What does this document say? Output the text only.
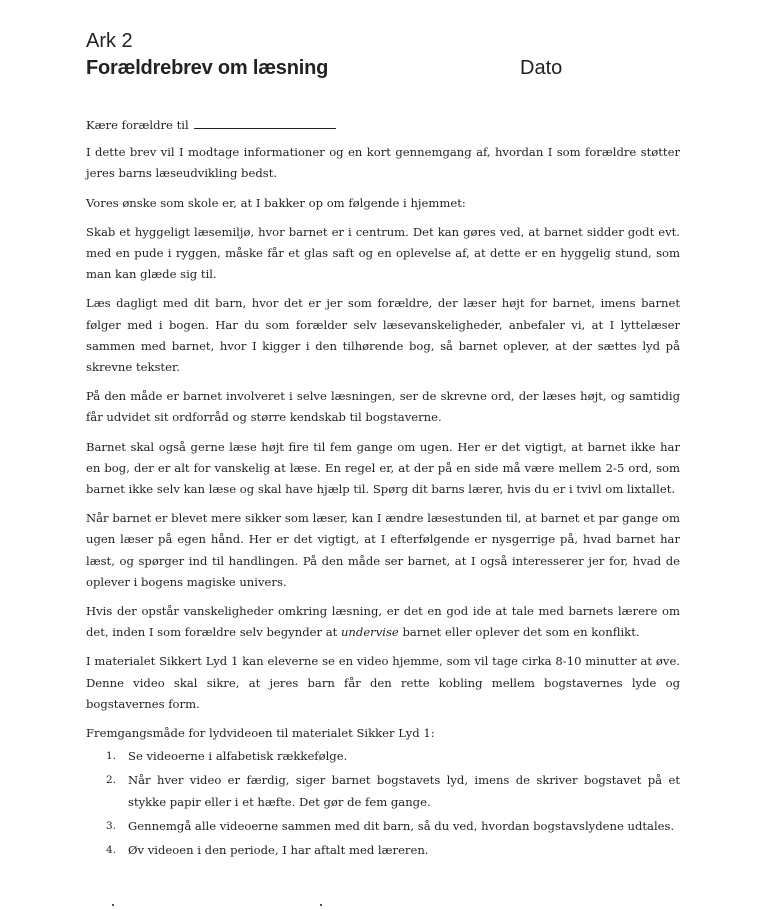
Ark 2
Forældrebrev om læsning	Dato

Kære forældre til

I dette brev vil I modtage informationer og en kort gennemgang af, hvordan I som forældre støtter jeres barns læseudvikling bedst.

Vores ønske som skole er, at I bakker op om følgende i hjemmet:

Skab et hyggeligt læsemiljø, hvor barnet er i centrum. Det kan gøres ved, at barnet sidder godt evt. med en pude i ryggen, måske får et glas saft og en oplevelse af, at dette er en hyggelig stund, som man kan glæde sig til.

Læs dagligt med dit barn, hvor det er jer som forældre, der læser højt for barnet, imens barnet følger med i bogen. Har du som forælder selv læsevanskeligheder, anbefaler vi, at I lyttelæser sammen med barnet, hvor I kigger i den tilhørende bog, så barnet oplever, at der sættes lyd på skrevne tekster.

På den måde er barnet involveret i selve læsningen, ser de skrevne ord, der læses højt, og samtidig får udvidet sit ordforråd og større kendskab til bogstaverne.

Barnet skal også gerne læse højt fire til fem gange om ugen. Her er det vigtigt, at barnet ikke har en bog, der er alt for vanskelig at læse. En regel er, at der på en side må være mellem 2-5 ord, som barnet ikke selv kan læse og skal have hjælp til. Spørg dit barns lærer, hvis du er i tvivl om lixtallet.

Når barnet er blevet mere sikker som læser, kan I ændre læsestunden til, at barnet et par gange om ugen læser på egen hånd. Her er det vigtigt, at I efterfølgende er nysgerrige på, hvad barnet har læst, og spørger ind til handlingen. På den måde ser barnet, at I også interesserer jer for, hvad de oplever i bogens magiske univers.

Hvis der opstår vanskeligheder omkring læsning, er det en god ide at tale med barnets lærere om det, inden I som forældre selv begynder at undervise barnet eller oplever det som en konflikt.

I materialet Sikkert Lyd 1 kan eleverne se en video hjemme, som vil tage cirka 8-10 minutter at øve. Denne video skal sikre, at jeres barn får den rette kobling mellem bogstavernes lyde og bogstavernes form.

Fremgangsmåde for lydvideoen til materialet Sikker Lyd 1:

1. Se videoerne i alfabetisk rækkefølge.
2. Når hver video er færdig, siger barnet bogstavets lyd, imens de skriver bogstavet på et stykke papir eller i et hæfte. Det gør de fem gange.
3. Gennemgå alle videoerne sammen med dit barn, så du ved, hvordan bogstavslydene udtales.
4. Øv videoen i den periode, I har aftalt med læreren.
